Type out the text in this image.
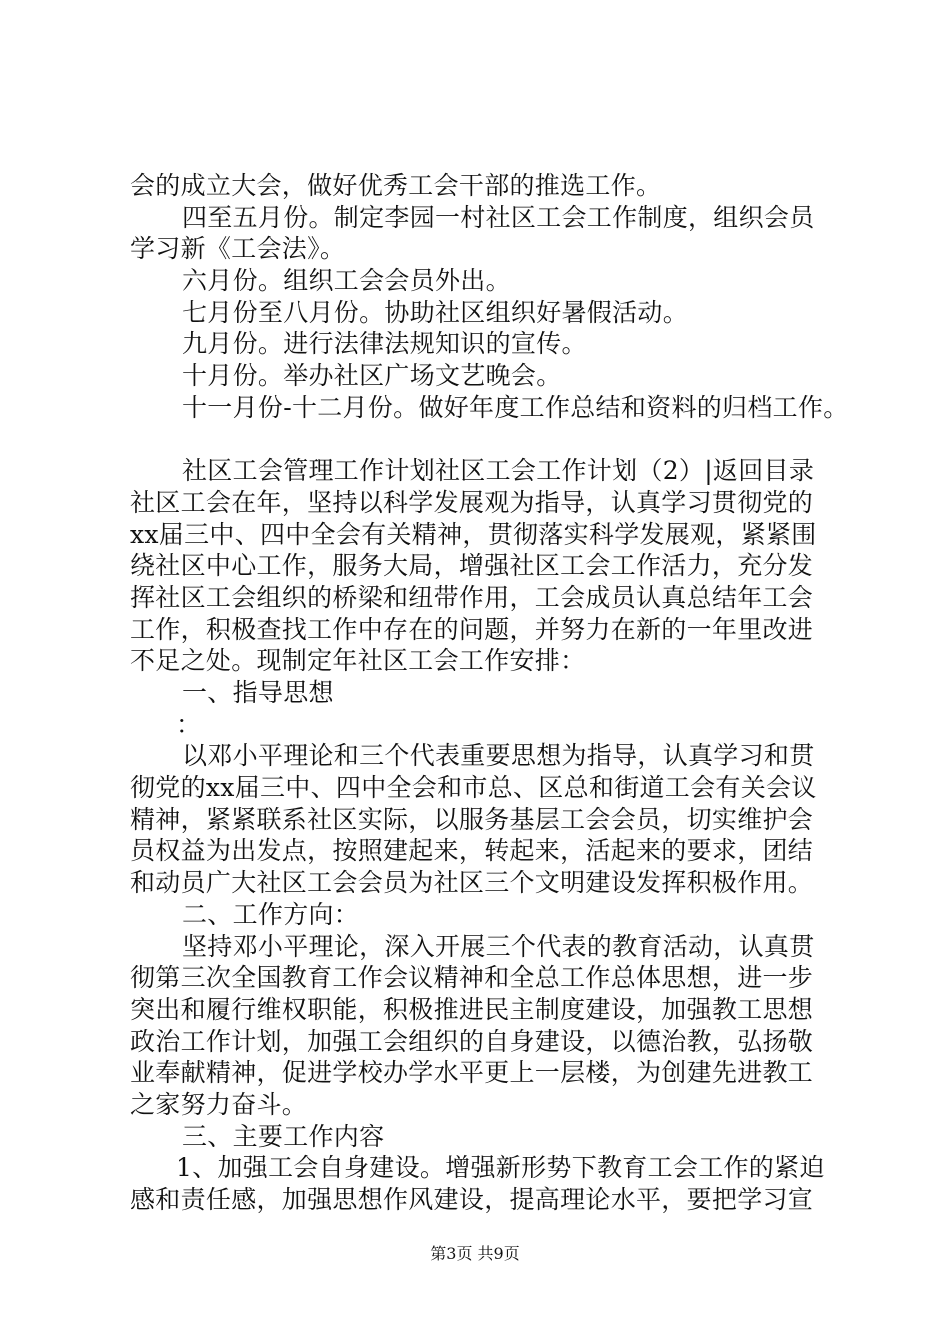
会的成立大会，做好优秀工会干部的推选工作。
四至五月份。制定李园一村社区工会工作制度，组织会员
学习新《工会法》。
六月份。组织工会会员外出。
七月份至八月份。协助社区组织好暑假活动。
九月份。进行法律法规知识的宣传。
十月份。举办社区广场文艺晚会。
十一月份-十二月份。做好年度工作总结和资料的归档工作。
社区工会管理工作计划社区工会工作计划（2）|返回目录
社区工会在年，坚持以科学发展观为指导，认真学习贯彻党的
xx届三中、四中全会有关精神，贯彻落实科学发展观，紧紧围
绕社区中心工作，服务大局，增强社区工会工作活力，充分发
挥社区工会组织的桥梁和纽带作用，工会成员认真总结年工会
工作，积极查找工作中存在的问题，并努力在新的一年里改进
不足之处。现制定年社区工会工作安排：
一、指导思想
：
以邓小平理论和三个代表重要思想为指导，认真学习和贯
彻党的xx届三中、四中全会和市总、区总和街道工会有关会议
精神，紧紧联系社区实际，以服务基层工会会员，切实维护会
员权益为出发点，按照建起来，转起来，活起来的要求，团结
和动员广大社区工会会员为社区三个文明建设发挥积极作用。
二、工作方向：
坚持邓小平理论，深入开展三个代表的教育活动，认真贯
彻第三次全国教育工作会议精神和全总工作总体思想，进一步
突出和履行维权职能，积极推进民主制度建设，加强教工思想
政治工作计划，加强工会组织的自身建设，以德治教，弘扬敬
业奉献精神，促进学校办学水平更上一层楼，为创建先进教工
之家努力奋斗。
三、主要工作内容
1、加强工会自身建设。增强新形势下教育工会工作的紧迫
感和责任感，加强思想作风建设，提高理论水平，要把学习宣
第3页 共9页
